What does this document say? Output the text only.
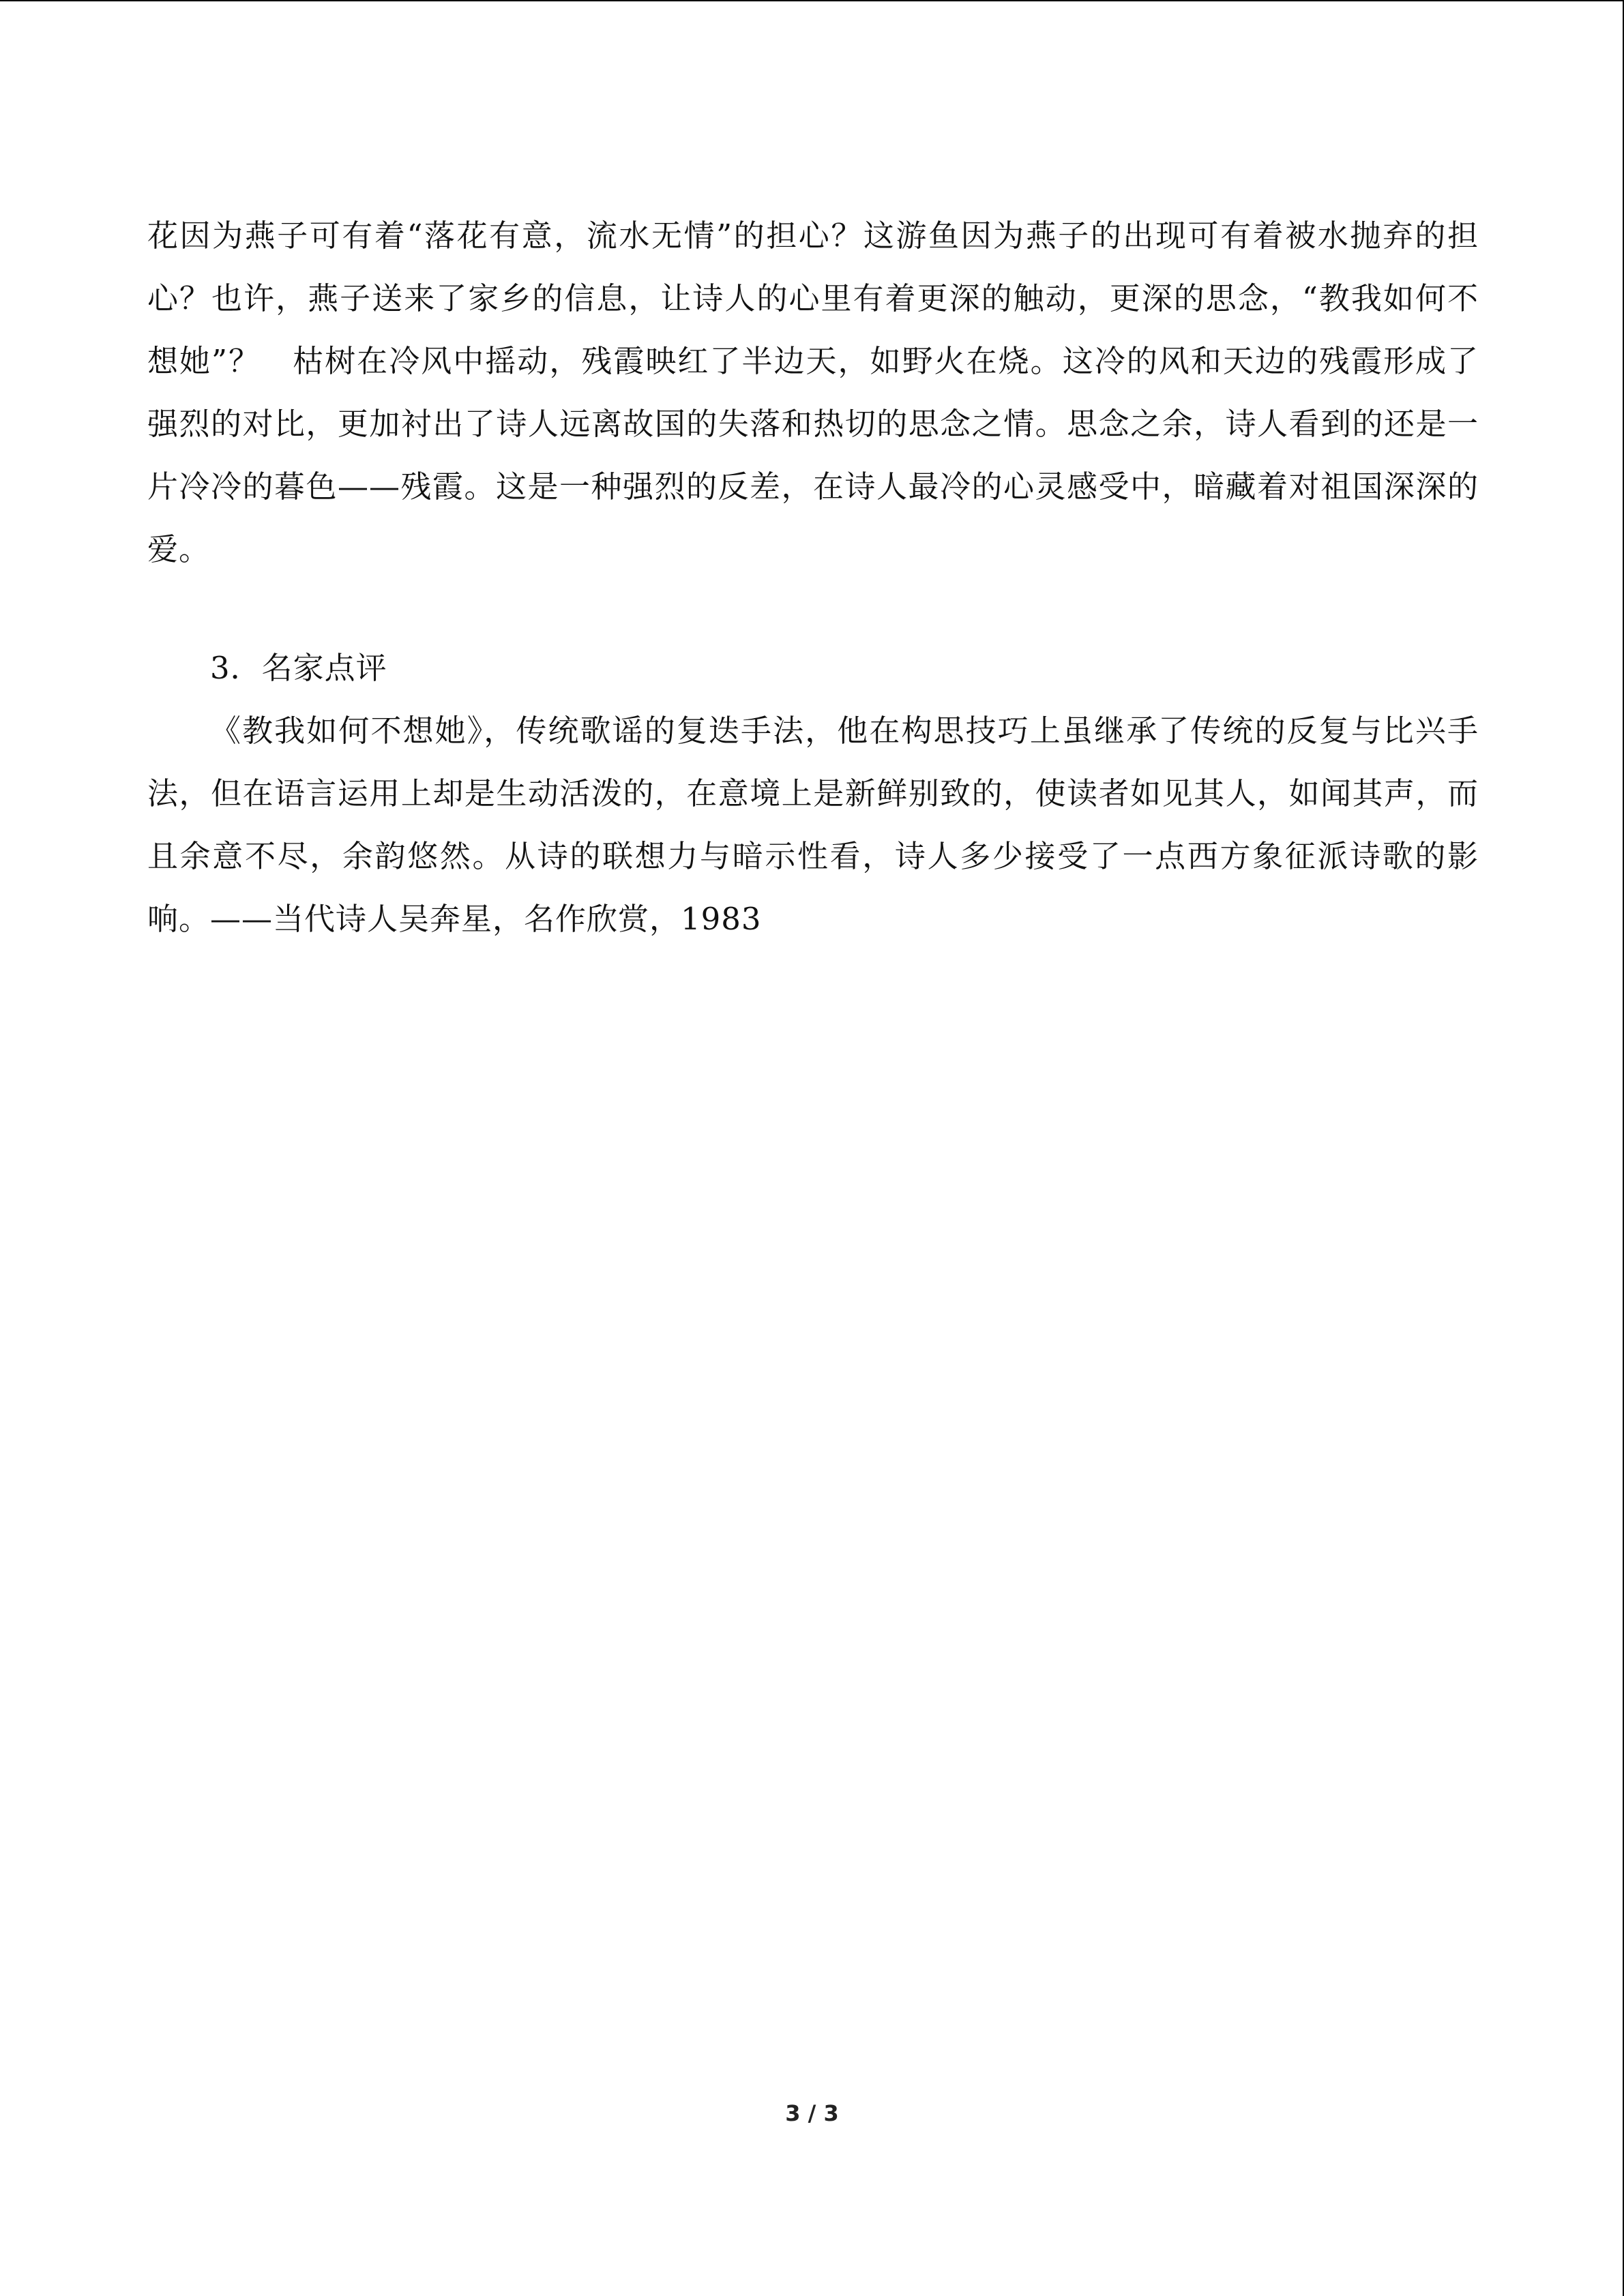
花因为燕子可有着“落花有意，流水无情”的担心？这游鱼因为燕子的出现可有着被水抛弃的担心？也许，燕子送来了家乡的信息，让诗人的心里有着更深的触动，更深的思念，“教我如何不想她”？　枯树在冷风中摇动，残霞映红了半边天，如野火在烧。这冷的风和天边的残霞形成了强烈的对比，更加衬出了诗人远离故国的失落和热切的思念之情。思念之余，诗人看到的还是一片冷冷的暮色——残霞。这是一种强烈的反差，在诗人最冷的心灵感受中，暗藏着对祖国深深的爱。

3．名家点评

《教我如何不想她》，传统歌谣的复迭手法，他在构思技巧上虽继承了传统的反复与比兴手法，但在语言运用上却是生动活泼的，在意境上是新鲜别致的，使读者如见其人，如闻其声，而且余意不尽，余韵悠然。从诗的联想力与暗示性看，诗人多少接受了一点西方象征派诗歌的影响。——当代诗人吴奔星，名作欣赏，1983

3 / 3
